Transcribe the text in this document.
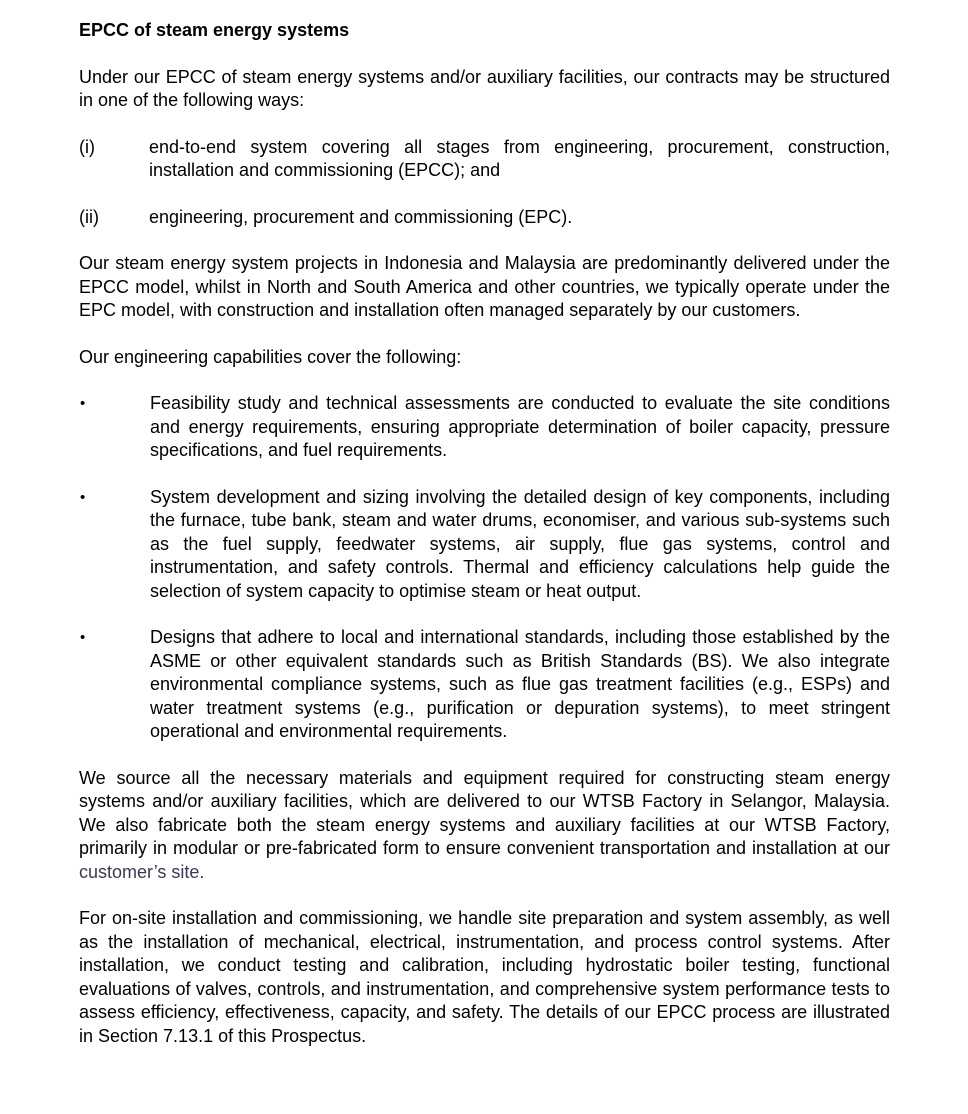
EPCC of steam energy systems
Under our EPCC of steam energy systems and/or auxiliary facilities, our contracts may be structured in one of the following ways:
(i)	end-to-end system covering all stages from engineering, procurement, construction, installation and commissioning (EPCC); and
(ii)	engineering, procurement and commissioning (EPC).
Our steam energy system projects in Indonesia and Malaysia are predominantly delivered under the EPCC model, whilst in North and South America and other countries, we typically operate under the EPC model, with construction and installation often managed separately by our customers.
Our engineering capabilities cover the following:
•	Feasibility study and technical assessments are conducted to evaluate the site conditions and energy requirements, ensuring appropriate determination of boiler capacity, pressure specifications, and fuel requirements.
•	System development and sizing involving the detailed design of key components, including the furnace, tube bank, steam and water drums, economiser, and various sub-systems such as the fuel supply, feedwater systems, air supply, flue gas systems, control and instrumentation, and safety controls. Thermal and efficiency calculations help guide the selection of system capacity to optimise steam or heat output.
•	Designs that adhere to local and international standards, including those established by the ASME or other equivalent standards such as British Standards (BS). We also integrate environmental compliance systems, such as flue gas treatment facilities (e.g., ESPs) and water treatment systems (e.g., purification or depuration systems), to meet stringent operational and environmental requirements.
We source all the necessary materials and equipment required for constructing steam energy systems and/or auxiliary facilities, which are delivered to our WTSB Factory in Selangor, Malaysia. We also fabricate both the steam energy systems and auxiliary facilities at our WTSB Factory, primarily in modular or pre-fabricated form to ensure convenient transportation and installation at our customer’s site.
For on-site installation and commissioning, we handle site preparation and system assembly, as well as the installation of mechanical, electrical, instrumentation, and process control systems. After installation, we conduct testing and calibration, including hydrostatic boiler testing, functional evaluations of valves, controls, and instrumentation, and comprehensive system performance tests to assess efficiency, effectiveness, capacity, and safety. The details of our EPCC process are illustrated in Section 7.13.1 of this Prospectus.
